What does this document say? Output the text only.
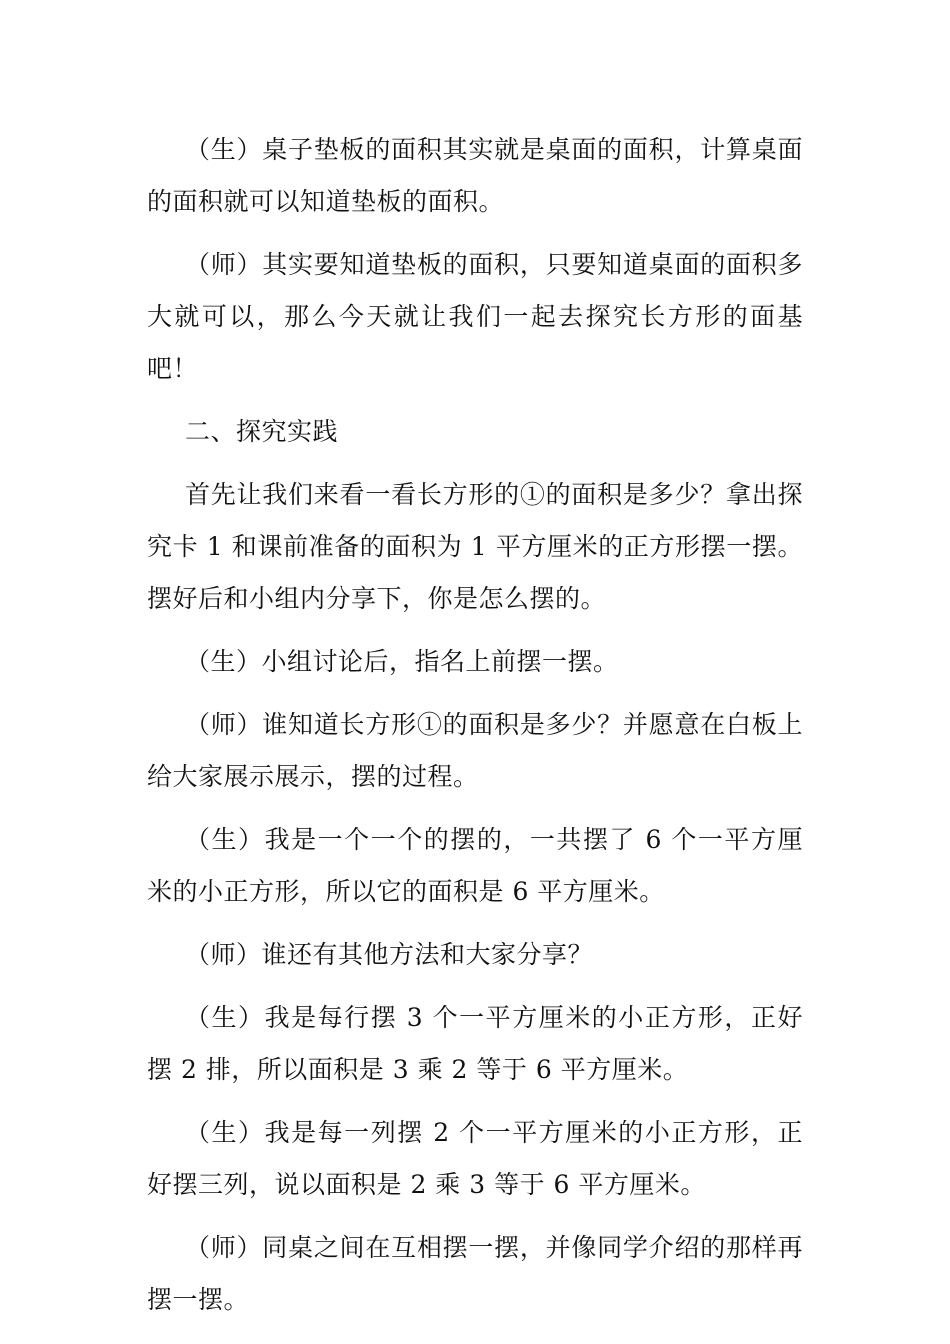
（生）桌子垫板的面积其实就是桌面的面积，计算桌面的面积就可以知道垫板的面积。

（师）其实要知道垫板的面积，只要知道桌面的面积多大就可以，那么今天就让我们一起去探究长方形的面基吧！

二、探究实践

首先让我们来看一看长方形的①的面积是多少？拿出探究卡 1 和课前准备的面积为 1 平方厘米的正方形摆一摆。摆好后和小组内分享下，你是怎么摆的。

（生）小组讨论后，指名上前摆一摆。

（师）谁知道长方形①的面积是多少？并愿意在白板上给大家展示展示，摆的过程。

（生）我是一个一个的摆的，一共摆了 6 个一平方厘米的小正方形，所以它的面积是 6 平方厘米。

（师）谁还有其他方法和大家分享？

（生）我是每行摆 3 个一平方厘米的小正方形，正好摆 2 排，所以面积是 3 乘 2 等于 6 平方厘米。

（生）我是每一列摆 2 个一平方厘米的小正方形，正好摆三列，说以面积是 2 乘 3 等于 6 平方厘米。

（师）同桌之间在互相摆一摆，并像同学介绍的那样再摆一摆。
